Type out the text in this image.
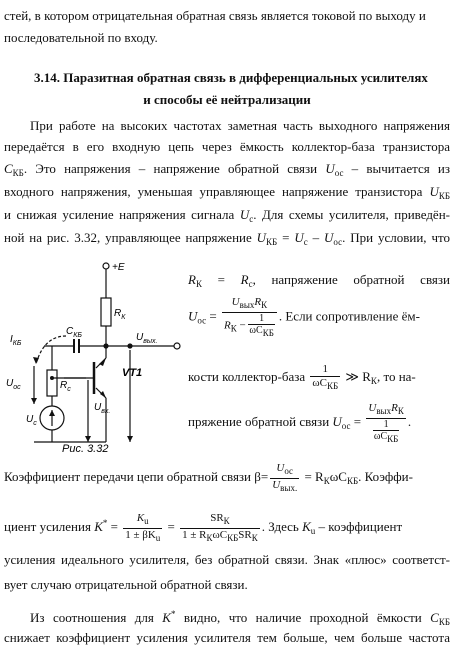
стей, в котором отрицательная обратная связь является токовой по выходу и
последовательной по входу.
3.14. Паразитная обратная связь в дифференциальных усилителях
и способы её нейтрализации
При работе на высоких частотах заметная часть выходного напряжения
передаётся в его входную цепь через ёмкость коллектор-база транзистора
$C_{КБ}$. Это напряжения – напряжение обратной связи $U_{ос}$ – вычитается из
входного напряжения, уменьшая управляющее напряжение транзистора $U_{КБ}$
и снижая усиление напряжения сигнала $U_c$. Для схемы усилителя, приведён-
ной на рис. 3.32, управляющее напряжение $U_{КБ} = U_c - U_{ос}$. При условии, что
+E
$R_К$
$I_{КБ}$
$C_{КБ}$	$U_{вых.}$
VT1
$U_{ос}$	$R_с$
$U_с$
$U_{вх.}$
Рис. 3.32
$R_К = R_c$, напряжение обратной связи
$U_{ос} = \frac{U_{вых}R_К}{R_К - \frac{1}{\omega C_{КБ}}}$ . Если сопротивление ём-
кости коллектор-база $\frac{1}{\omega C_{КБ}}$ ≫ $R_К$, то на-
пряжение обратной связи $U_{ос} = \frac{U_{вых}R_К}{\frac{1}{\omega C_{КБ}}}$ .
Коэффициент передачи цепи обратной связи $\beta= \frac{U_{ос}}{U_{вых.}} = R_К\omega C_{КБ}$. Коэффи-
циент усиления $K^* = \frac{K_u}{1 \pm \beta K_u} = \frac{SR_К}{1 \pm R_К\omega C_{КБ}SR_К}$ . Здесь $K_u$ – коэффициент
усиления идеального усилителя, без обратной связи. Знак «плюс» соответст-
вует случаю отрицательной обратной связи.
Из соотношения для K* видно, что наличие проходной ёмкости $C_{КБ}$
снижает коэффициент усиления усилителя тем больше, чем больше частота
